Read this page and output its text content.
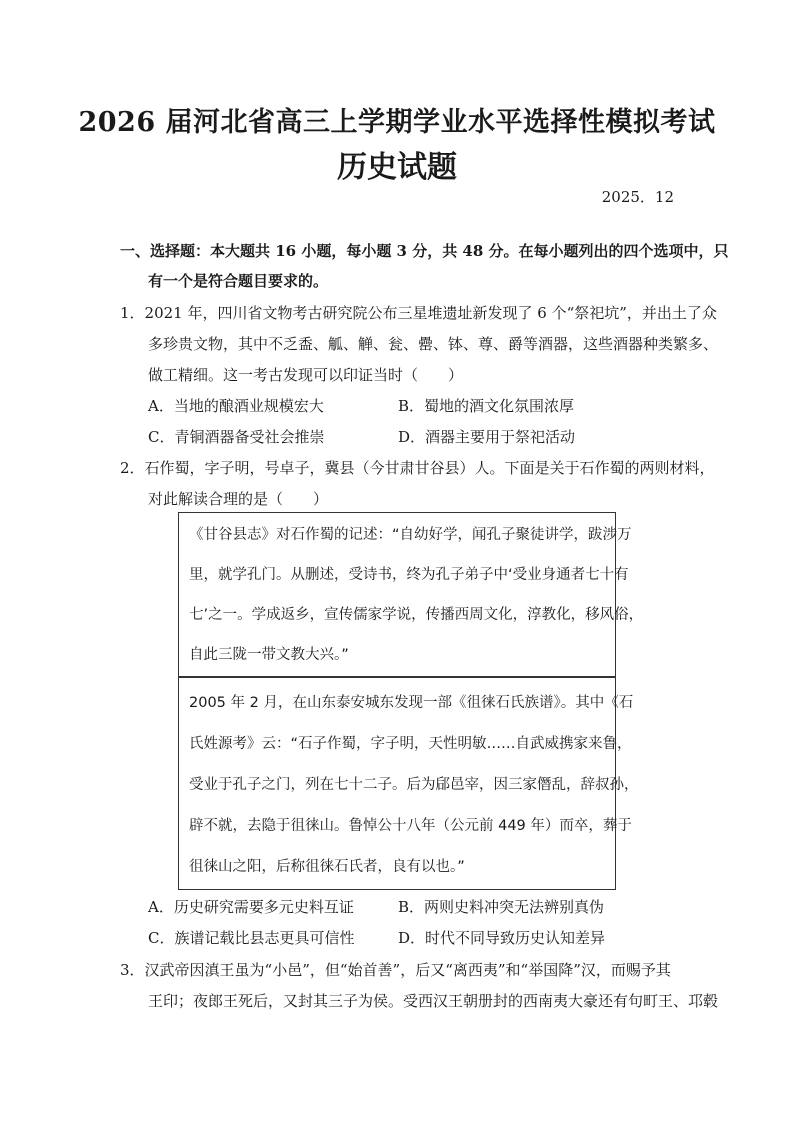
2026 届河北省高三上学期学业水平选择性模拟考试
历史试题
2025．12
一、选择题：本大题共 16 小题，每小题 3 分，共 48 分。在每小题列出的四个选项中，只
有一个是符合题目要求的。
1．2021 年，四川省文物考古研究院公布三星堆遗址新发现了 6 个“祭祀坑”，并出土了众
多珍贵文物，其中不乏盉、觚、觯、瓮、罍、钵、尊、爵等酒器，这些酒器种类繁多、
做工精细。这一考古发现可以印证当时（　　）
A．当地的酿酒业规模宏大	B．蜀地的酒文化氛围浓厚
C．青铜酒器备受社会推崇	D．酒器主要用于祭祀活动
2．石作蜀，字子明，号卓子，冀县（今甘肃甘谷县）人。下面是关于石作蜀的两则材料，
对此解读合理的是（　　）
《甘谷县志》对石作蜀的记述：“自幼好学，闻孔子聚徒讲学，跋涉万
里，就学孔门。从删述，受诗书，终为孔子弟子中‘受业身通者七十有
七’之一。学成返乡，宣传儒家学说，传播西周文化，淳教化，移风俗，
自此三陇一带文教大兴。”
2005 年 2 月，在山东泰安城东发现一部《徂徕石氏族谱》。其中《石
氏姓源考》云：“石子作蜀，字子明，天性明敏……自武威携家来鲁，
受业于孔子之门，列在七十二子。后为郈邑宰，因三家僭乱，辞叔孙，
辟不就，去隐于徂徕山。鲁悼公十八年（公元前 449 年）而卒，葬于
徂徕山之阳，后称徂徕石氏者，良有以也。”
A．历史研究需要多元史料互证	B．两则史料冲突无法辨别真伪
C．族谱记载比县志更具可信性	D．时代不同导致历史认知差异
3．汉武帝因滇王虽为“小邑”，但“始首善”，后又“离西夷”和“举国降”汉，而赐予其
王印；夜郎王死后，又封其三子为侯。受西汉王朝册封的西南夷大豪还有句町王、邛毂
